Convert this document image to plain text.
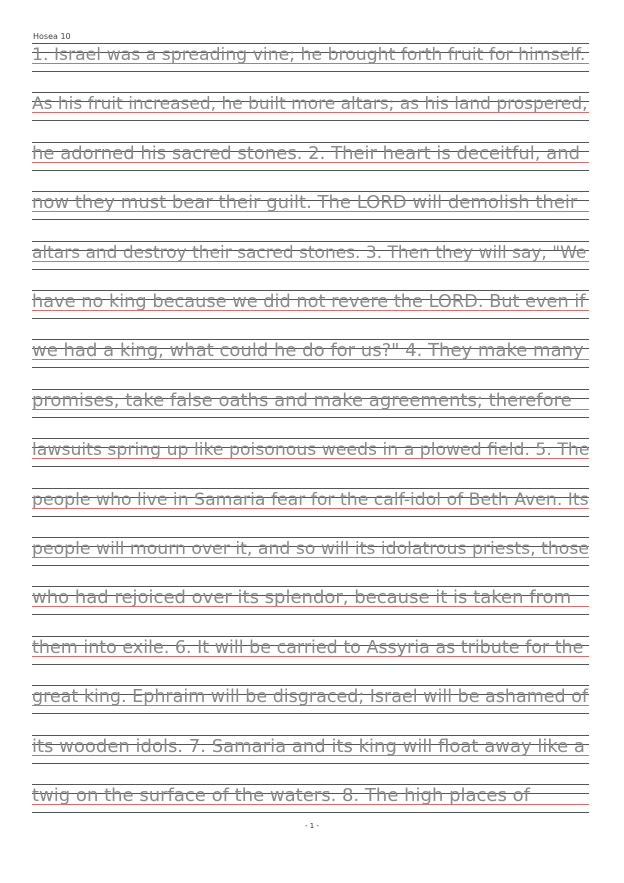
Hosea 10
1. Israel was a spreading vine; he brought forth fruit for himself.
As his fruit increased, he built more altars; as his land prospered,
he adorned his sacred stones. 2. Their heart is deceitful, and
now they must bear their guilt. The LORD will demolish their
altars and destroy their sacred stones. 3. Then they will say, "We
have no king because we did not revere the LORD. But even if
we had a king, what could he do for us?" 4. They make many
promises, take false oaths and make agreements; therefore
lawsuits spring up like poisonous weeds in a plowed field. 5. The
people who live in Samaria fear for the calf-idol of Beth Aven. Its
people will mourn over it, and so will its idolatrous priests, those
who had rejoiced over its splendor, because it is taken from
them into exile. 6. It will be carried to Assyria as tribute for the
great king. Ephraim will be disgraced; Israel will be ashamed of
its wooden idols. 7. Samaria and its king will float away like a
twig on the surface of the waters. 8. The high places of
- 1 -
